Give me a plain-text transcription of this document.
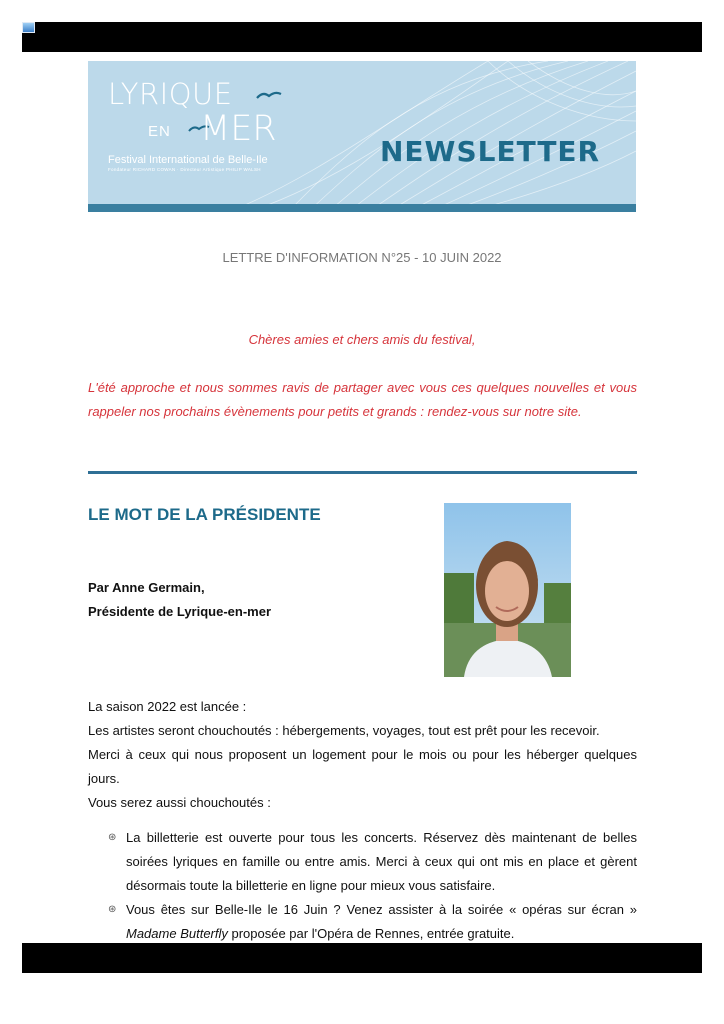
LYRIQUE
EN MER
Festival International de Belle-Ile
Fondateur RICHARD COWAN · Directeur Artistique PHILIP WALSH
NEWSLETTER
LETTRE D'INFORMATION N°25 - 10 JUIN 2022
Chères amies et chers amis du festival,

L'été approche et nous sommes ravis de partager avec vous ces quelques nouvelles et vous rappeler nos prochains évènements pour petits et grands : rendez-vous sur notre site.

LE MOT DE LA PRÉSIDENTE
Par Anne Germain,
Présidente de Lyrique-en-mer
La saison 2022 est lancée :
Les artistes seront chouchoutés : hébergements, voyages, tout est prêt pour les recevoir.
Merci à ceux qui nous proposent un logement pour le mois ou pour les héberger quelques jours.
Vous serez aussi chouchoutés :
⊛ La billetterie est ouverte pour tous les concerts. Réservez dès maintenant de belles soirées lyriques en famille ou entre amis. Merci à ceux qui ont mis en place et gèrent désormais toute la billetterie en ligne pour mieux vous satisfaire.
⊛ Vous êtes sur Belle-Ile le 16 Juin ? Venez assister à la soirée « opéras sur écran » Madame Butterfly proposée par l'Opéra de Rennes, entrée gratuite.
